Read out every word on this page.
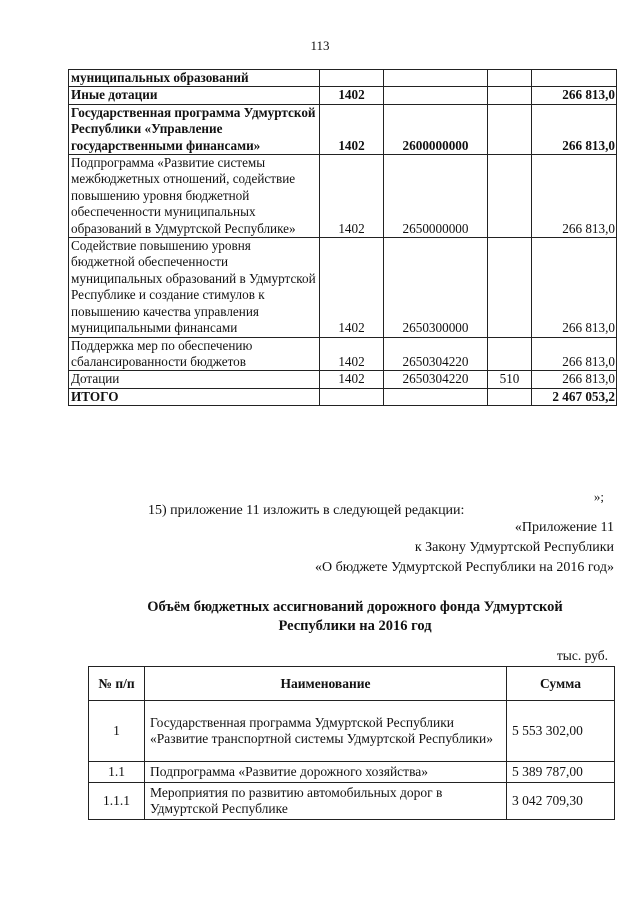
113
муниципальных образований				
Иные дотации	1402			266 813,0
Государственная программа Удмуртской Республики «Управление государственными финансами»	1402	2600000000		266 813,0
Подпрограмма «Развитие системы межбюджетных отношений, содействие повышению уровня бюджетной обеспеченности муниципальных образований в Удмуртской Республике»	1402	2650000000		266 813,0
Содействие повышению уровня бюджетной обеспеченности муниципальных образований в Удмуртской Республике и создание стимулов к повышению качества управления муниципальными финансами	1402	2650300000		266 813,0
Поддержка мер по обеспечению сбалансированности бюджетов	1402	2650304220		266 813,0
Дотации	1402	2650304220	510	266 813,0
ИТОГО				2 467 053,2
»;
15) приложение 11 изложить в следующей редакции:
«Приложение 11
к Закону Удмуртской Республики
«О бюджете Удмуртской Республики на 2016 год»
Объём бюджетных ассигнований дорожного фонда Удмуртской
Республики на 2016 год
тыс. руб.
№ п/п	Наименование	Сумма
1	Государственная программа Удмуртской Республики «Развитие транспортной системы Удмуртской Республики»	5 553 302,00
1.1	Подпрограмма «Развитие дорожного хозяйства»	5 389 787,00
1.1.1	Мероприятия по развитию автомобильных дорог в Удмуртской Республике	3 042 709,30
